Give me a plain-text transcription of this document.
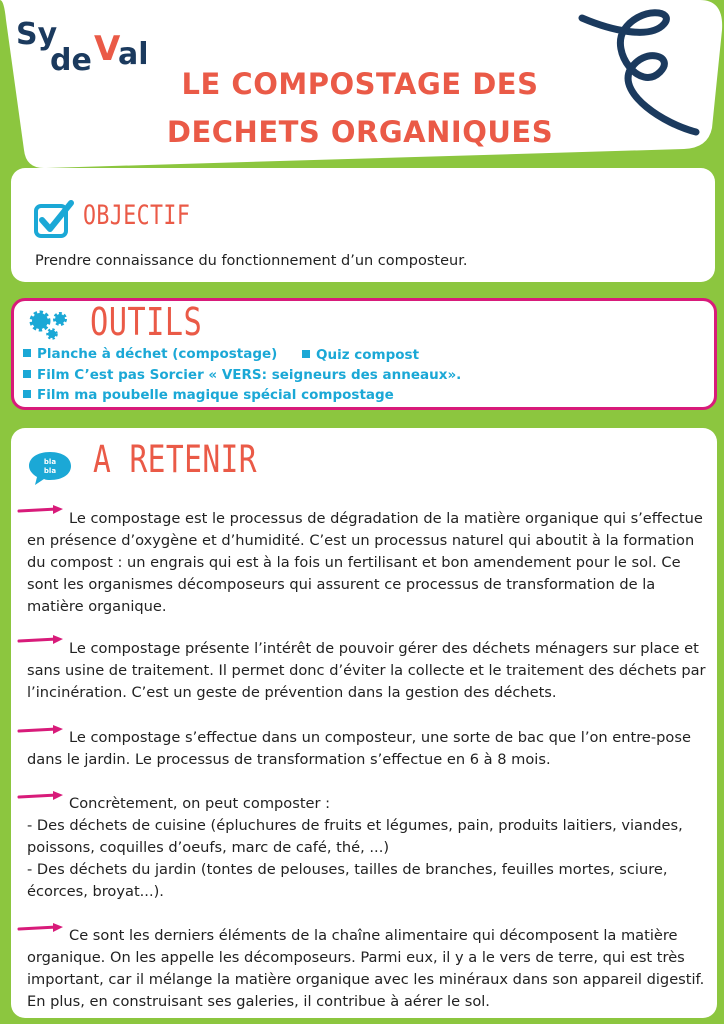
Sy
de V
al
LE COMPOSTAGE DES
DECHETS ORGANIQUES
OBJECTIF

Prendre connaissance du fonctionnement d’un composteur.

OUTILS
Planche à déchet (compostage)	Quiz compost
Film C’est pas Sorcier « VERS: seigneurs des anneaux».
Film ma poubelle magique spécial compostage
bla
bla A RETENIR

Le compostage est le processus de dégradation de la matière organique qui s’effectue en présence d’oxygène et d’humidité. C’est un processus naturel qui aboutit à la formation du compost : un engrais qui est à la fois un fertilisant et bon amendement pour le sol. Ce sont les organismes décomposeurs qui assurent ce processus de transformation de la matière organique.

Le compostage présente l’intérêt de pouvoir gérer des déchets ménagers sur place et sans usine de traitement. Il permet donc d’éviter la collecte et le traitement des déchets par l’incinération. C’est un geste de prévention dans la gestion des déchets.

Le compostage s’effectue dans un composteur, une sorte de bac que l’on entre-pose dans le jardin. Le processus de transformation s’effectue en 6 à 8 mois.

Concrètement, on peut composter :
- Des déchets de cuisine (épluchures de fruits et légumes, pain, produits laitiers, viandes, poissons, coquilles d’oeufs, marc de café, thé, ...)
- Des déchets du jardin (tontes de pelouses, tailles de branches, feuilles mortes, sciure, écorces, broyat...).

Ce sont les derniers éléments de la chaîne alimentaire qui décomposent la matière organique. On les appelle les décomposeurs. Parmi eux, il y a le vers de terre, qui est très important, car il mélange la matière organique avec les minéraux dans son appareil digestif. En plus, en construisant ses galeries, il contribue à aérer le sol.
